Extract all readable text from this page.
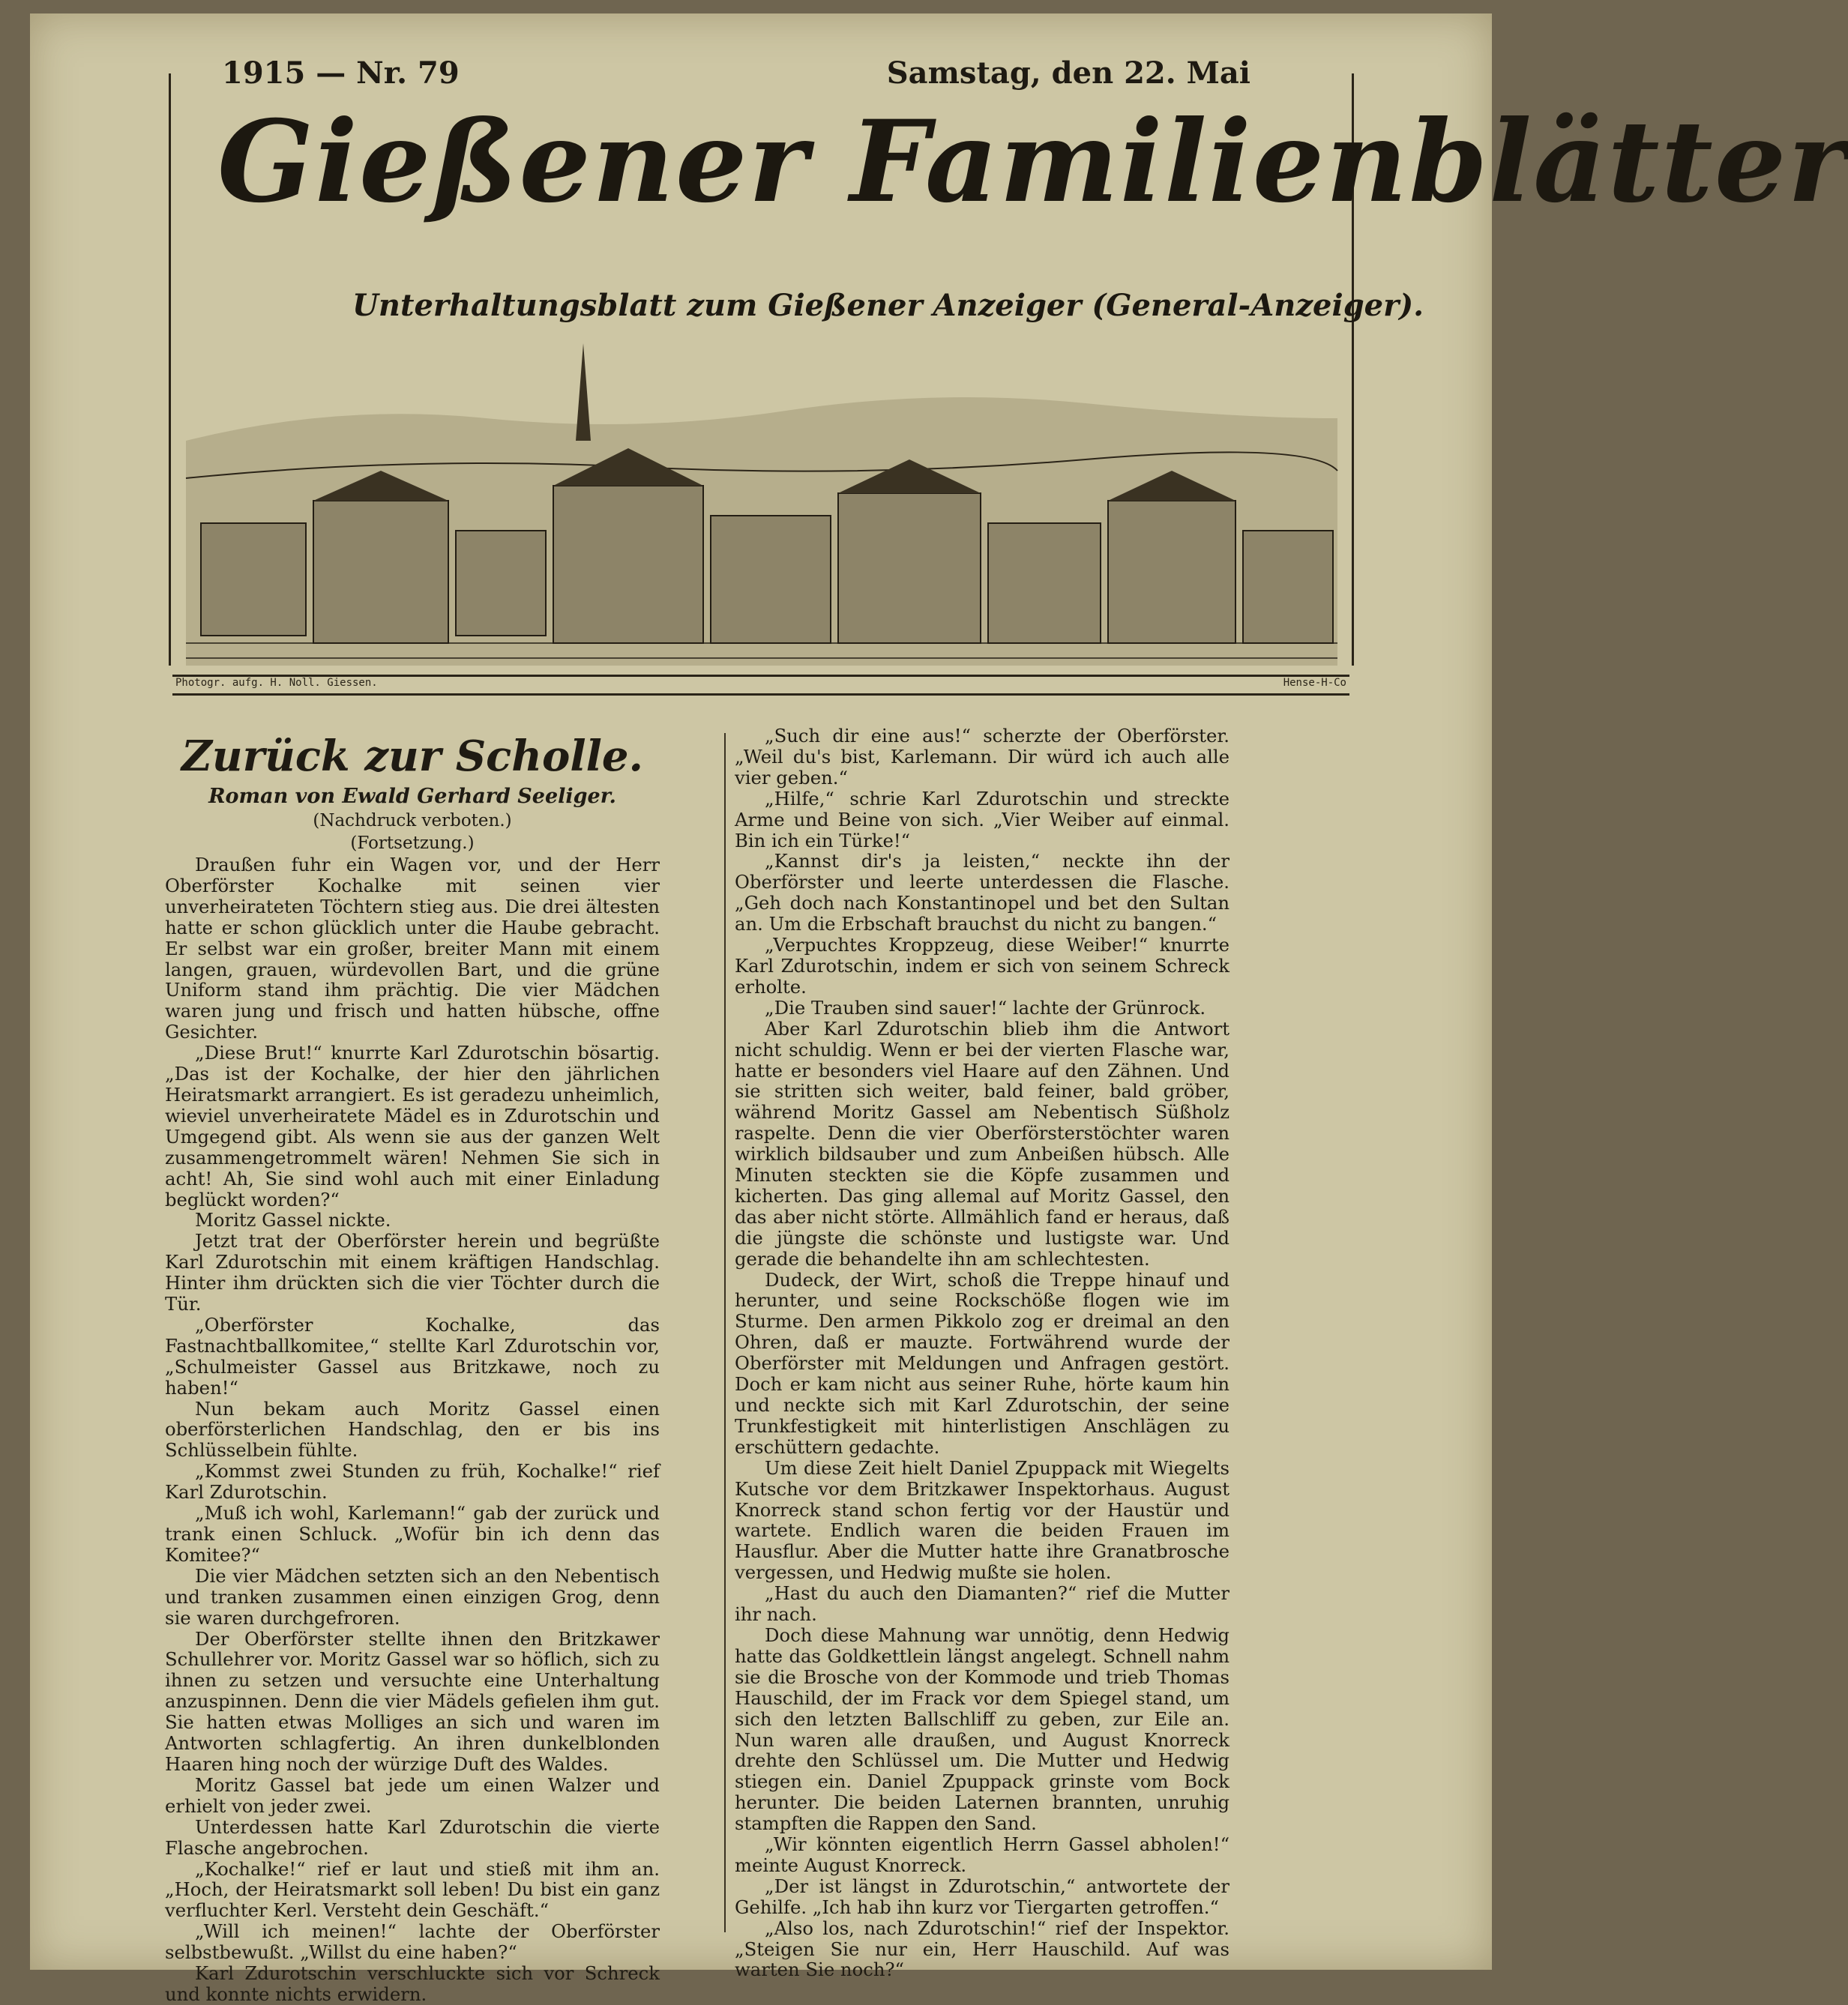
1915 — Nr. 79	Samstag, den 22. Mai
Gießener Familienblätter
Unterhaltungsblatt zum Gießener Anzeiger (General-Anzeiger).
Photogr. aufg. H. Noll. Giessen.	Hense-H-Co
Zurück zur Scholle.
Roman von Ewald Gerhard Seeliger.
(Nachdruck verboten.)
(Fortsetzung.)

Draußen fuhr ein Wagen vor, und der Herr Oberförster Kochalke mit seinen vier unverheirateten Töchtern stieg aus. Die drei ältesten hatte er schon glücklich unter die Haube gebracht. Er selbst war ein großer, breiter Mann mit einem langen, grauen, würdevollen Bart, und die grüne Uniform stand ihm prächtig. Die vier Mädchen waren jung und frisch und hatten hübsche, offne Gesichter.

„Diese Brut!“ knurrte Karl Zdurotschin bösartig. „Das ist der Kochalke, der hier den jährlichen Heiratsmarkt arrangiert. Es ist geradezu unheimlich, wieviel unverheiratete Mädel es in Zdurotschin und Umgegend gibt. Als wenn sie aus der ganzen Welt zusammengetrommelt wären! Nehmen Sie sich in acht! Ah, Sie sind wohl auch mit einer Einladung beglückt worden?“

Moritz Gassel nickte.

Jetzt trat der Oberförster herein und begrüßte Karl Zdurotschin mit einem kräftigen Handschlag. Hinter ihm drückten sich die vier Töchter durch die Tür.

„Oberförster Kochalke, das Fastnachtballkomitee,“ stellte Karl Zdurotschin vor, „Schulmeister Gassel aus Britzkawe, noch zu haben!“

Nun bekam auch Moritz Gassel einen oberförsterlichen Handschlag, den er bis ins Schlüsselbein fühlte.

„Kommst zwei Stunden zu früh, Kochalke!“ rief Karl Zdurotschin.

„Muß ich wohl, Karlemann!“ gab der zurück und trank einen Schluck. „Wofür bin ich denn das Komitee?“

Die vier Mädchen setzten sich an den Nebentisch und tranken zusammen einen einzigen Grog, denn sie waren durchgefroren.

Der Oberförster stellte ihnen den Britzkawer Schullehrer vor. Moritz Gassel war so höflich, sich zu ihnen zu setzen und versuchte eine Unterhaltung anzuspinnen. Denn die vier Mädels gefielen ihm gut. Sie hatten etwas Molliges an sich und waren im Antworten schlagfertig. An ihren dunkelblonden Haaren hing noch der würzige Duft des Waldes.

Moritz Gassel bat jede um einen Walzer und erhielt von jeder zwei.

Unterdessen hatte Karl Zdurotschin die vierte Flasche angebrochen.

„Kochalke!“ rief er laut und stieß mit ihm an. „Hoch, der Heiratsmarkt soll leben! Du bist ein ganz verfluchter Kerl. Versteht dein Geschäft.“

„Will ich meinen!“ lachte der Oberförster selbstbewußt. „Willst du eine haben?“

Karl Zdurotschin verschluckte sich vor Schreck und konnte nichts erwidern.

„Such dir eine aus!“ scherzte der Oberförster. „Weil du's bist, Karlemann. Dir würd ich auch alle vier geben.“

„Hilfe,“ schrie Karl Zdurotschin und streckte Arme und Beine von sich. „Vier Weiber auf einmal. Bin ich ein Türke!“

„Kannst dir's ja leisten,“ neckte ihn der Oberförster und leerte unterdessen die Flasche. „Geh doch nach Konstantinopel und bet den Sultan an. Um die Erbschaft brauchst du nicht zu bangen.“

„Verpuchtes Kroppzeug, diese Weiber!“ knurrte Karl Zdurotschin, indem er sich von seinem Schreck erholte.

„Die Trauben sind sauer!“ lachte der Grünrock.

Aber Karl Zdurotschin blieb ihm die Antwort nicht schuldig. Wenn er bei der vierten Flasche war, hatte er besonders viel Haare auf den Zähnen. Und sie stritten sich weiter, bald feiner, bald gröber, während Moritz Gassel am Nebentisch Süßholz raspelte. Denn die vier Oberförsterstöchter waren wirklich bildsauber und zum Anbeißen hübsch. Alle Minuten steckten sie die Köpfe zusammen und kicherten. Das ging allemal auf Moritz Gassel, den das aber nicht störte. Allmählich fand er heraus, daß die jüngste die schönste und lustigste war. Und gerade die behandelte ihn am schlechtesten.

Dudeck, der Wirt, schoß die Treppe hinauf und herunter, und seine Rockschöße flogen wie im Sturme. Den armen Pikkolo zog er dreimal an den Ohren, daß er mauzte. Fortwährend wurde der Oberförster mit Meldungen und Anfragen gestört. Doch er kam nicht aus seiner Ruhe, hörte kaum hin und neckte sich mit Karl Zdurotschin, der seine Trunkfestigkeit mit hinterlistigen Anschlägen zu erschüttern gedachte.

Um diese Zeit hielt Daniel Zpuppack mit Wiegelts Kutsche vor dem Britzkawer Inspektorhaus. August Knorreck stand schon fertig vor der Haustür und wartete. Endlich waren die beiden Frauen im Hausflur. Aber die Mutter hatte ihre Granatbrosche vergessen, und Hedwig mußte sie holen.

„Hast du auch den Diamanten?“ rief die Mutter ihr nach.

Doch diese Mahnung war unnötig, denn Hedwig hatte das Goldkettlein längst angelegt. Schnell nahm sie die Brosche von der Kommode und trieb Thomas Hauschild, der im Frack vor dem Spiegel stand, um sich den letzten Ballschliff zu geben, zur Eile an. Nun waren alle draußen, und August Knorreck drehte den Schlüssel um. Die Mutter und Hedwig stiegen ein. Daniel Zpuppack grinste vom Bock herunter. Die beiden Laternen brannten, unruhig stampften die Rappen den Sand.

„Wir könnten eigentlich Herrn Gassel abholen!“ meinte August Knorreck.

„Der ist längst in Zdurotschin,“ antwortete der Gehilfe. „Ich hab ihn kurz vor Tiergarten getroffen.“

„Also los, nach Zdurotschin!“ rief der Inspektor. „Steigen Sie nur ein, Herr Hauschild. Auf was warten Sie noch?“
